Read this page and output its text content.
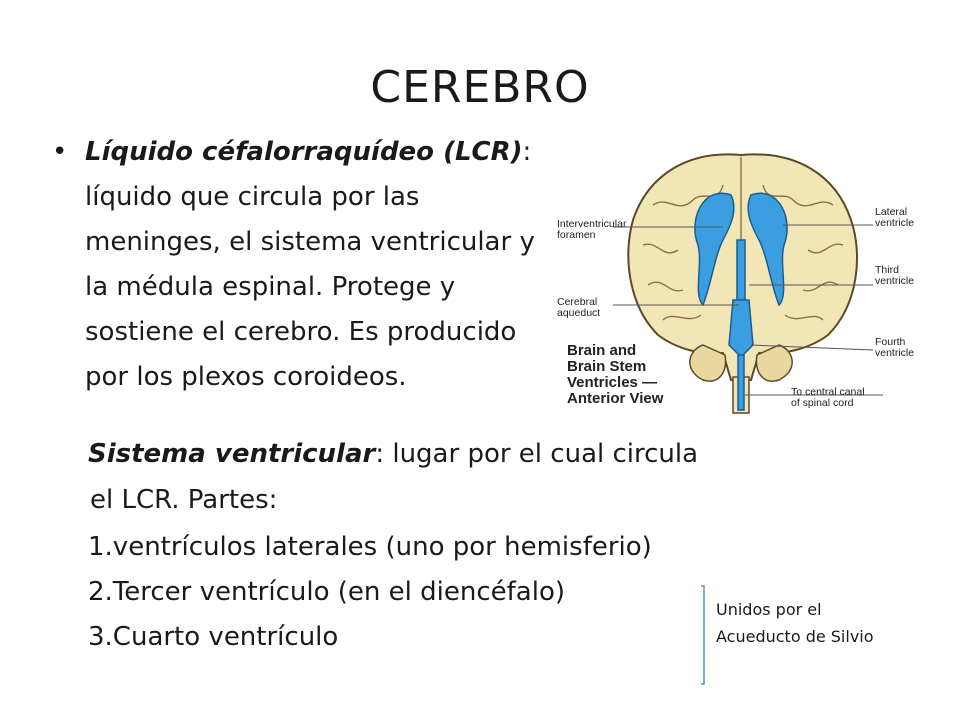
CEREBRO
• Líquido céfalorraquídeo (LCR): líquido que circula por las meninges, el sistema ventricular y la médula espinal. Protege y sostiene el cerebro. Es producido por los plexos coroideos.
Interventricular foramen
Cerebral aqueduct
Lateral ventricle
Third ventricle
Fourth ventricle
To central canal of spinal cord
Brain and Brain Stem Ventricles — Anterior View
Sistema ventricular: lugar por el cual circula
el LCR. Partes:
1.ventrículos laterales (uno por hemisferio)
2.Tercer ventrículo (en el diencéfalo)
3.Cuarto ventrículo
Unidos por el
Acueducto de Silvio
